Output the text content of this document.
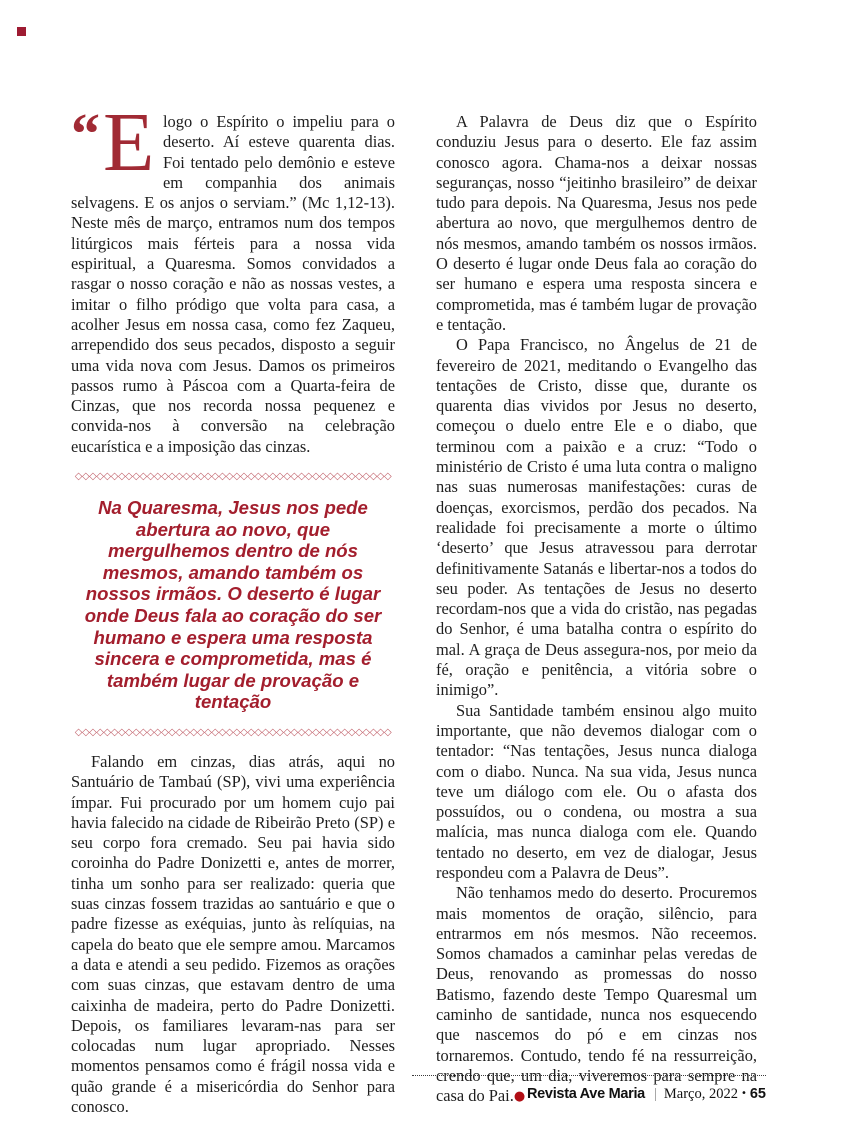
“ E logo o Espírito o impeliu para o deserto. Aí esteve quarenta dias. Foi tentado pelo demônio e esteve em companhia dos animais selvagens. E os anjos o serviam.” (Mc 1,12-13). Neste mês de março, entramos num dos tempos litúrgicos mais férteis para a nossa vida espiritual, a Quaresma. Somos convidados a rasgar o nosso coração e não as nossas vestes, a imitar o filho pródigo que volta para casa, a acolher Jesus em nossa casa, como fez Zaqueu, arrependido dos seus pecados, disposto a seguir uma vida nova com Jesus. Damos os primeiros passos rumo à Páscoa com a Quarta-feira de Cinzas, que nos recorda nossa pequenez e convida-nos à conversão na celebração eucarística e a imposição das cinzas.

◇◇◇◇◇◇◇◇◇◇◇◇◇◇◇◇◇◇◇◇◇◇◇◇◇◇◇◇◇◇◇◇◇◇◇◇◇◇◇◇◇◇◇◇
Na Quaresma, Jesus nos pede abertura ao novo, que mergulhemos dentro de nós mesmos, amando também os nossos irmãos. O deserto é lugar onde Deus fala ao coração do ser humano e espera uma resposta sincera e comprometida, mas é também lugar de provação e tentação
◇◇◇◇◇◇◇◇◇◇◇◇◇◇◇◇◇◇◇◇◇◇◇◇◇◇◇◇◇◇◇◇◇◇◇◇◇◇◇◇◇◇◇◇

Falando em cinzas, dias atrás, aqui no Santuário de Tambaú (SP), vivi uma experiência ímpar. Fui procurado por um homem cujo pai havia falecido na cidade de Ribeirão Preto (SP) e seu corpo fora cremado. Seu pai havia sido coroinha do Padre Donizetti e, antes de morrer, tinha um sonho para ser realizado: queria que suas cinzas fossem trazidas ao santuário e que o padre fizesse as exéquias, junto às relíquias, na capela do beato que ele sempre amou. Marcamos a data e atendi a seu pedido. Fizemos as orações com suas cinzas, que estavam dentro de uma caixinha de madeira, perto do Padre Donizetti. Depois, os familiares levaram-nas para ser colocadas num lugar apropriado. Nesses momentos pensamos como é frágil nossa vida e quão grande é a misericórdia do Senhor para conosco.

A Palavra de Deus diz que o Espírito conduziu Jesus para o deserto. Ele faz assim conosco agora. Chama-nos a deixar nossas seguranças, nosso “jeitinho brasileiro” de deixar tudo para depois. Na Quaresma, Jesus nos pede abertura ao novo, que mergulhemos dentro de nós mesmos, amando também os nossos irmãos. O deserto é lugar onde Deus fala ao coração do ser humano e espera uma resposta sincera e comprometida, mas é também lugar de provação e tentação.

O Papa Francisco, no Ângelus de 21 de fevereiro de 2021, meditando o Evangelho das tentações de Cristo, disse que, durante os quarenta dias vividos por Jesus no deserto, começou o duelo entre Ele e o diabo, que terminou com a paixão e a cruz: “Todo o ministério de Cristo é uma luta contra o maligno nas suas numerosas manifestações: curas de doenças, exorcismos, perdão dos pecados. Na realidade foi precisamente a morte o último ‘deserto’ que Jesus atravessou para derrotar definitivamente Satanás e libertar-nos a todos do seu poder. As tentações de Jesus no deserto recordam-nos que a vida do cristão, nas pegadas do Senhor, é uma batalha contra o espírito do mal. A graça de Deus assegura-nos, por meio da fé, oração e penitência, a vitória sobre o inimigo”.

Sua Santidade também ensinou algo muito importante, que não devemos dialogar com o tentador: “Nas tentações, Jesus nunca dialoga com o diabo. Nunca. Na sua vida, Jesus nunca teve um diálogo com ele. Ou o afasta dos possuídos, ou o condena, ou mostra a sua malícia, mas nunca dialoga com ele. Quando tentado no deserto, em vez de dialogar, Jesus respondeu com a Palavra de Deus”.

Não tenhamos medo do deserto. Procuremos mais momentos de oração, silêncio, para entrarmos em nós mesmos. Não receemos. Somos chamados a caminhar pelas veredas de Deus, renovando as promessas do nosso Batismo, fazendo deste Tempo Quaresmal um caminho de santidade, nunca nos esquecendo que nascemos do pó e em cinzas nos tornaremos. Contudo, tendo fé na ressurreição, crendo que, um dia, viveremos para sempre na casa do Pai.● Revista Ave Maria | Março, 2022 • 65
